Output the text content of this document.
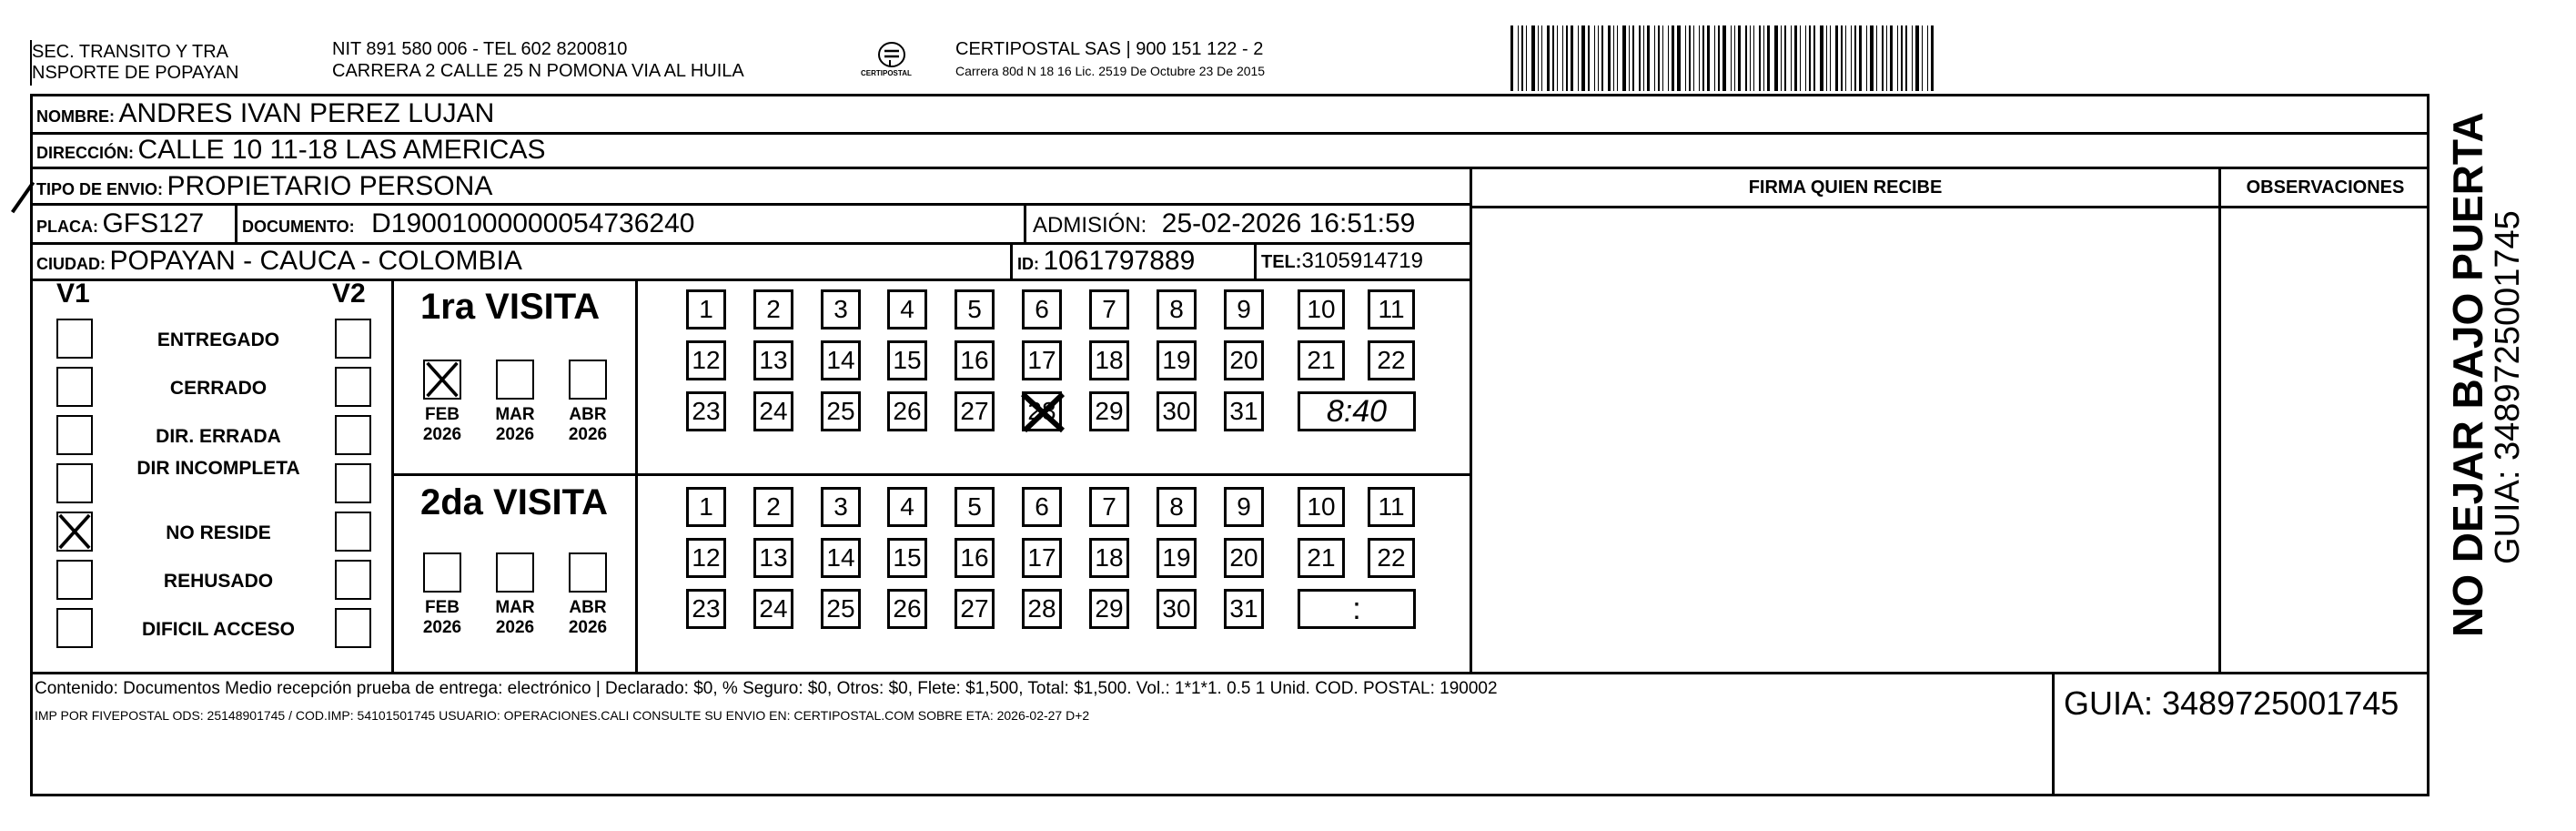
SEC. TRANSITO Y TRA
NSPORTE DE POPAYAN
NIT 891 580 006 - TEL 602 8200810
CARRERA 2 CALLE 25 N POMONA VIA AL HUILA	CERTIPOSTAL
CERTIPOSTAL SAS | 900 151 122 - 2
Carrera 80d N 18 16 Lic. 2519 De Octubre 23 De 2015
NOMBRE: ANDRES IVAN PEREZ LUJAN
DIRECCIÓN: CALLE 10 11-18 LAS AMERICAS
TIPO DE ENVIO: PROPIETARIO PERSONA
PLACA: GFS127 DOCUMENTO: D19001000000054736240	ADMISIÓN: 25-02-2026 16:51:59
CIUDAD: POPAYAN - CAUCA - COLOMBIA	ID: 1061797889	TEL:3105914719
FIRMA QUIEN RECIBE	OBSERVACIONES
V1	V2
ENTREGADO
CERRADO
DIR. ERRADA
DIR INCOMPLETA
NO RESIDE
REHUSADO
DIFICIL ACCESO
1ra VISITA
FEB
2026
MAR
2026
ABR
2026
1	2	3	4	5	6	7	8	9	10	11
12 13 14 15 16 17 18 19 20	21	22
23 24 25 26 27 28 29 30 31	8:40
2da VISITA
FEB
2026
MAR
2026
ABR
2026
1	2	3	4	5	6	7	8	9	10	11
12 13 14 15 16 17 18 19 20	21	22
23 24 25 26 27 28 29 30 31	:
Contenido: Documentos Medio recepción prueba de entrega: electrónico | Declarado: $0, % Seguro: $0, Otros: $0, Flete: $1,500, Total: $1,500. Vol.: 1*1*1. 0.5 1 Unid. COD. POSTAL: 190002
IMP POR FIVEPOSTAL ODS: 25148901745 / COD.IMP: 54101501745 USUARIO: OPERACIONES.CALI CONSULTE SU ENVIO EN: CERTIPOSTAL.COM SOBRE ETA: 2026-02-27 D+2	GUIA: 3489725001745
NO DEJAR BAJO PUERTA
GUIA: 3489725001745
